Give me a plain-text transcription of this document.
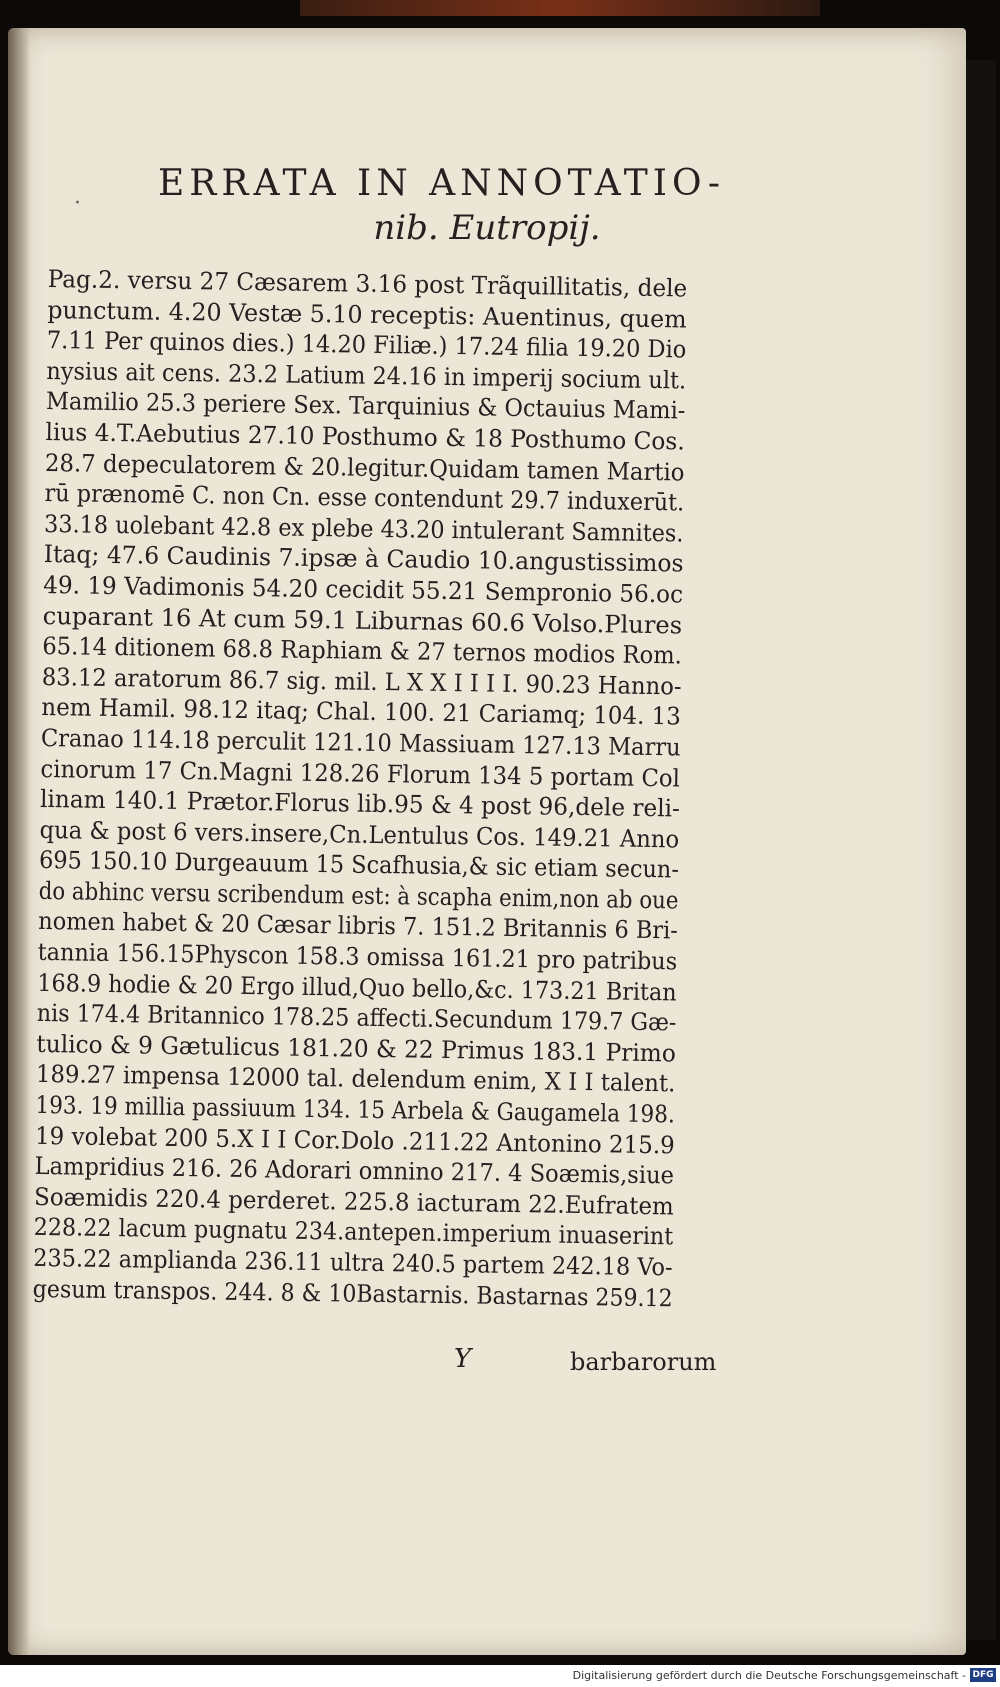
· ERRATA IN ANNOTATIO-
nib. Eutropij.
Pag.2. versu 27 Cæsarem 3.16 post Trãquillitatis, dele
punctum. 4.20 Vestæ 5.10 receptis: Auentinus, quem
7.11 Per quinos dies.) 14.20 Filiæ.) 17.24 filia 19.20 Dio
nysius ait cens. 23.2 Latium 24.16 in imperij socium ult.
Mamilio 25.3 periere Sex. Tarquinius & Octauius Mami-
lius 4.T.Aebutius 27.10 Posthumo & 18 Posthumo Cos.
28.7 depeculatorem & 20.legitur.Quidam tamen Martio
rū prænomē C. non Cn. esse contendunt 29.7 induxerūt.
33.18 uolebant 42.8 ex plebe 43.20 intulerant Samnites.
Itaq; 47.6 Caudinis 7.ipsæ à Caudio 10.angustissimos
49. 19 Vadimonis 54.20 cecidit 55.21 Sempronio 56.oc
cuparant 16 At cum 59.1 Liburnas 60.6 Volso.Plures
65.14 ditionem 68.8 Raphiam & 27 ternos modios Rom.
83.12 aratorum 86.7 sig. mil. L X X I I I I. 90.23 Hanno-
nem Hamil. 98.12 itaq; Chal. 100. 21 Cariamq; 104. 13
Cranao 114.18 perculit 121.10 Massiuam 127.13 Marru
cinorum 17 Cn.Magni 128.26 Florum 134 5 portam Col
linam 140.1 Prætor.Florus lib.95 & 4 post 96,dele reli-
qua & post 6 vers.insere,Cn.Lentulus Cos. 149.21 Anno
695 150.10 Durgeauum 15 Scafhusia,& sic etiam secun-
do abhinc versu scribendum est: à scapha enim,non ab oue
nomen habet & 20 Cæsar libris 7. 151.2 Britannis 6 Bri-
tannia 156.15Physcon 158.3 omissa 161.21 pro patribus
168.9 hodie & 20 Ergo illud,Quo bello,&c. 173.21 Britan
nis 174.4 Britannico 178.25 affecti.Secundum 179.7 Gæ-
tulico & 9 Gætulicus 181.20 & 22 Primus 183.1 Primo
189.27 impensa 12000 tal. delendum enim, X I I talent.
193. 19 millia passiuum 134. 15 Arbela & Gaugamela 198.
19 volebat 200 5.X I I Cor.Dolo .211.22 Antonino 215.9
Lampridius 216. 26 Adorari omnino 217. 4 Soæmis,siue
Soæmidis 220.4 perderet. 225.8 iacturam 22.Eufratem
228.22 lacum pugnatu 234.antepen.imperium inuaserint
235.22 amplianda 236.11 ultra 240.5 partem 242.18 Vo-
gesum transpos. 244. 8 & 10Bastarnis. Bastarnas 259.12
Y	barbarorum
Digitalisierung gefördert durch die Deutsche Forschungsgemeinschaft - DFG
